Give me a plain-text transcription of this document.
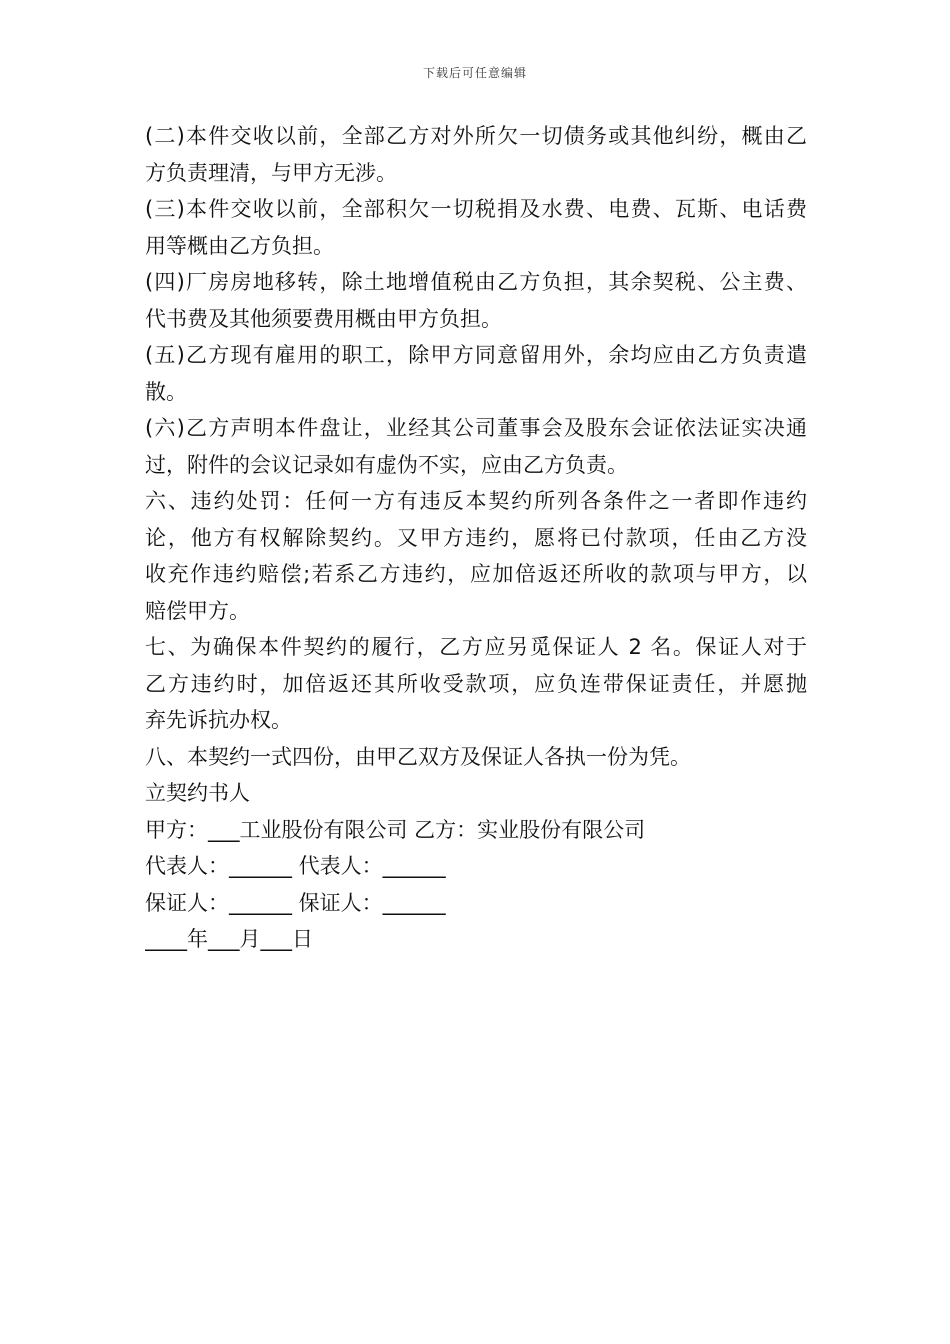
下载后可任意编辑
(二)本件交收以前，全部乙方对外所欠一切债务或其他纠纷，概由乙
方负责理清，与甲方无涉。
(三)本件交收以前，全部积欠一切税捐及水费、电费、瓦斯、电话费
用等概由乙方负担。
(四)厂房房地移转，除土地增值税由乙方负担，其余契税、公主费、
代书费及其他须要费用概由甲方负担。
(五)乙方现有雇用的职工，除甲方同意留用外，余均应由乙方负责遣
散。
(六)乙方声明本件盘让，业经其公司董事会及股东会证依法证实决通
过，附件的会议记录如有虚伪不实，应由乙方负责。
六、违约处罚：任何一方有违反本契约所列各条件之一者即作违约
论，他方有权解除契约。又甲方违约，愿将已付款项，任由乙方没
收充作违约赔偿;若系乙方违约，应加倍返还所收的款项与甲方，以
赔偿甲方。
七、为确保本件契约的履行，乙方应另觅保证人 2 名。保证人对于
乙方违约时，加倍返还其所收受款项，应负连带保证责任，并愿抛
弃先诉抗办权。
八、本契约一式四份，由甲乙双方及保证人各执一份为凭。
立契约书人
甲方：___工业股份有限公司 乙方：实业股份有限公司
代表人：______ 代表人：______
保证人：______ 保证人：______
____年___月___日
